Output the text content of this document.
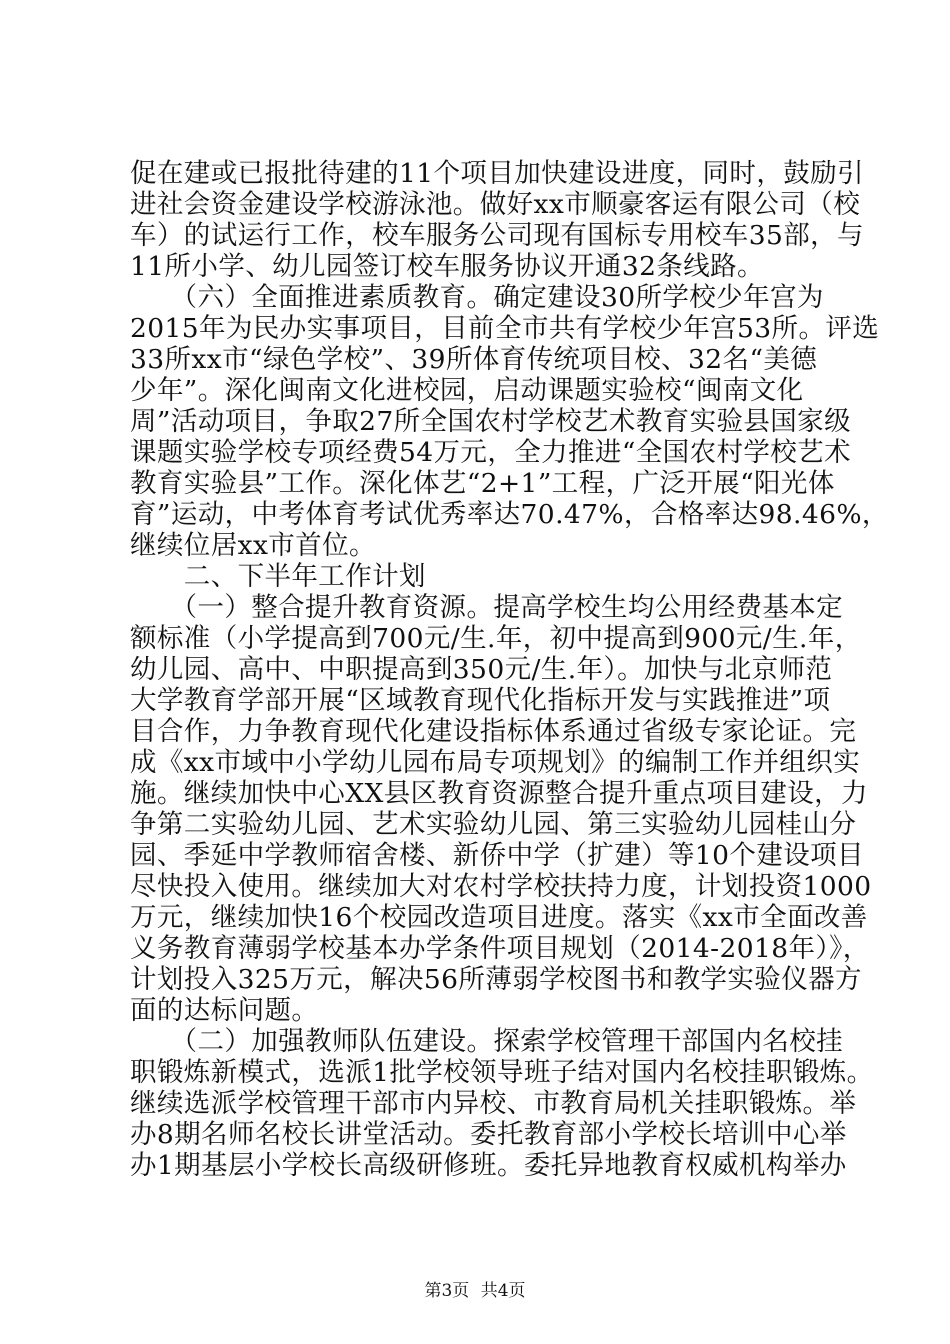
促在建或已报批待建的11个项目加快建设进度，同时，鼓励引
进社会资金建设学校游泳池。做好xx市顺豪客运有限公司（校
车）的试运行工作，校车服务公司现有国标专用校车35部，与
11所小学、幼儿园签订校车服务协议开通32条线路。
　　（六）全面推进素质教育。确定建设30所学校少年宫为
2015年为民办实事项目，目前全市共有学校少年宫53所。评选
33所xx市“绿色学校”、39所体育传统项目校、32名“美德
少年”。深化闽南文化进校园，启动课题实验校“闽南文化
周”活动项目，争取27所全国农村学校艺术教育实验县国家级
课题实验学校专项经费54万元，全力推进“全国农村学校艺术
教育实验县”工作。深化体艺“2+1”工程，广泛开展“阳光体
育”运动，中考体育考试优秀率达70.47%，合格率达98.46%，
继续位居xx市首位。
　　二、下半年工作计划
　　（一）整合提升教育资源。提高学校生均公用经费基本定
额标准（小学提高到700元/生.年，初中提高到900元/生.年，
幼儿园、高中、中职提高到350元/生.年）。加快与北京师范
大学教育学部开展“区域教育现代化指标开发与实践推进”项
目合作，力争教育现代化建设指标体系通过省级专家论证。完
成《xx市域中小学幼儿园布局专项规划》的编制工作并组织实
施。继续加快中心XX县区教育资源整合提升重点项目建设，力
争第二实验幼儿园、艺术实验幼儿园、第三实验幼儿园桂山分
园、季延中学教师宿舍楼、新侨中学（扩建）等10个建设项目
尽快投入使用。继续加大对农村学校扶持力度，计划投资1000
万元，继续加快16个校园改造项目进度。落实《xx市全面改善
义务教育薄弱学校基本办学条件项目规划（2014-2018年）》，
计划投入325万元，解决56所薄弱学校图书和教学实验仪器方
面的达标问题。
　　（二）加强教师队伍建设。探索学校管理干部国内名校挂
职锻炼新模式，选派1批学校领导班子结对国内名校挂职锻炼。
继续选派学校管理干部市内异校、市教育局机关挂职锻炼。举
办8期名师名校长讲堂活动。委托教育部小学校长培训中心举
办1期基层小学校长高级研修班。委托异地教育权威机构举办
第3页 共4页
